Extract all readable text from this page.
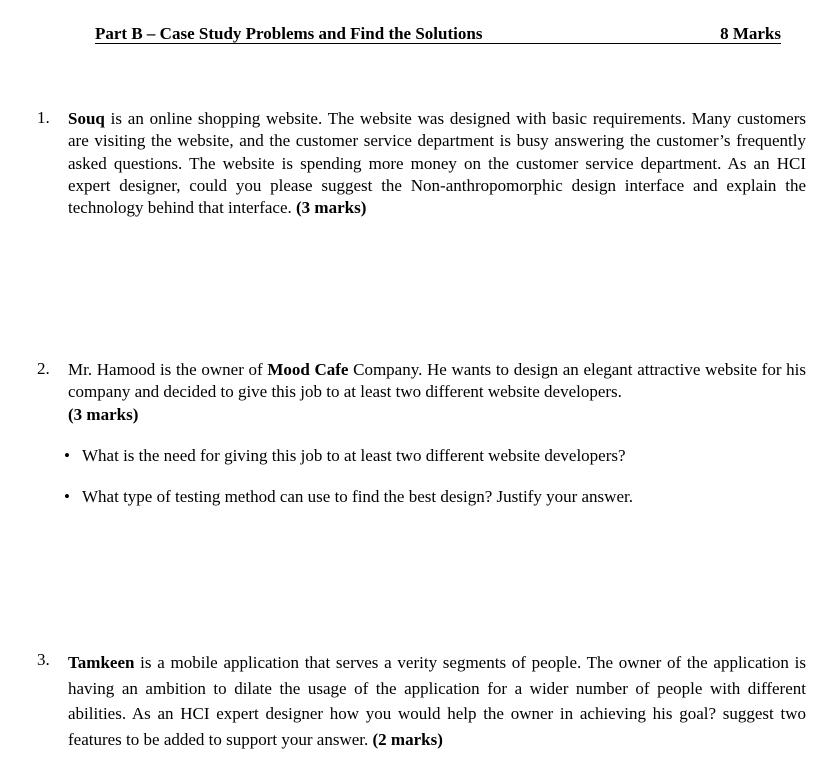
Part B – Case Study Problems and Find the Solutions	8 Marks
1. Souq is an online shopping website. The website was designed with basic requirements. Many customers are visiting the website, and the customer service department is busy answering the customer’s frequently asked questions. The website is spending more money on the customer service department. As an HCI expert designer, could you please suggest the Non-anthropomorphic design interface and explain the technology behind that interface. (3 marks)
2. Mr. Hamood is the owner of Mood Cafe Company. He wants to design an elegant attractive website for his company and decided to give this job to at least two different website developers.
(3 marks)
• What is the need for giving this job to at least two different website developers?
• What type of testing method can use to find the best design? Justify your answer.
3. Tamkeen is a mobile application that serves a verity segments of people. The owner of the application is having an ambition to dilate the usage of the application for a wider number of people with different abilities. As an HCI expert designer how you would help the owner in achieving his goal? suggest two features to be added to support your answer. (2 marks)
